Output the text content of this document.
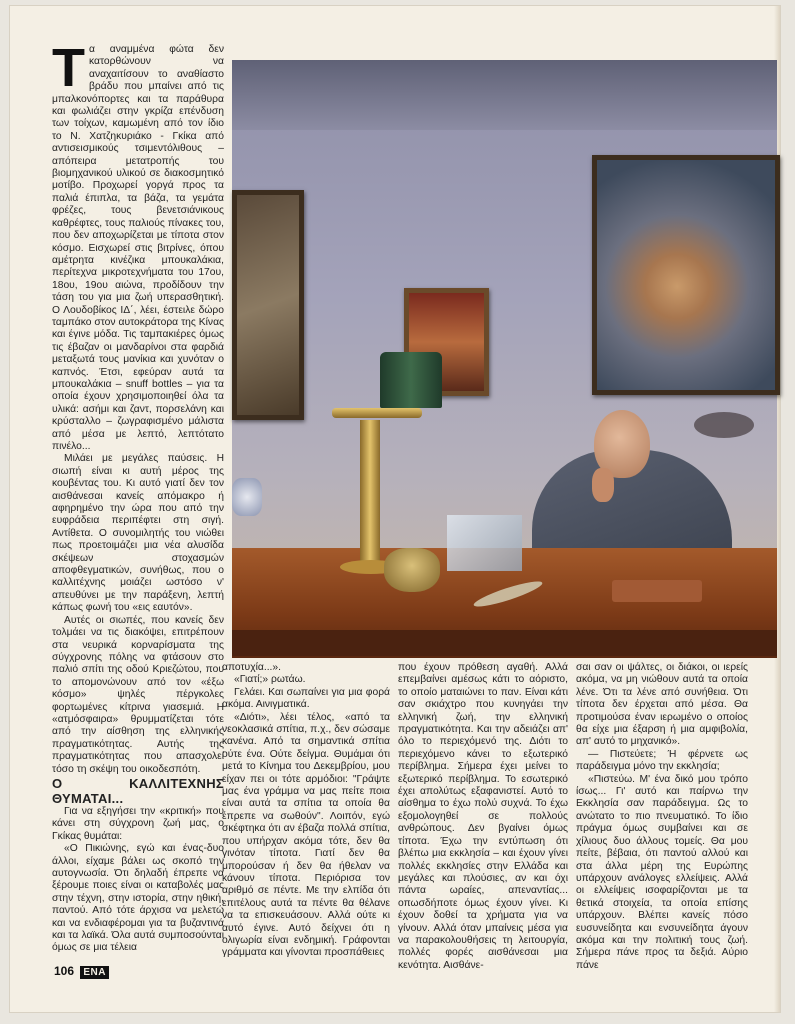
Τ α αναμμένα φώτα δεν κατορθώνουν να αναχαιτίσουν το αναθίαστο βράδυ που μπαίνει από τις μπαλκονόπορτες και τα παράθυρα και φωλιάζει στην γκρίζα επένδυση των τοίχων, καμωμένη από τον ίδιο το Ν. Χατζηκυριάκο - Γκίκα από αντισεισμικούς τσιμεντόλιθους – απόπειρα μετατροπής του βιομηχανικού υλικού σε διακοσμητικό μοτίβο. Προχωρεί γοργά προς τα παλιά έπιπλα, τα βάζα, τα γεμάτα φρέζες, τους βενετσιάνικους καθρέφτες, τους παλιούς πίνακες του, που δεν αποχωρίζεται με τίποτα στον κόσμο. Εισχωρεί στις βιτρίνες, όπου αμέτρητα κινέζικα μπουκαλάκια, περίτεχνα μικροτεχνήματα του 17ου, 18ου, 19ου αιώνα, προδίδουν την τάση του για μια ζωή υπερασθητική. Ο Λουδοβίκος ΙΔ΄, λέει, έστειλε δώρο ταμπάκο στον αυτοκράτορα της Κίνας και έγινε μόδα. Τις ταμπακιέρες όμως τις έβαζαν οι μανδαρίνοι στα φαρδιά μεταξωτά τους μανίκια και χυνόταν ο καπνός. Έτσι, εφεύραν αυτά τα μπουκαλάκια – snuff bottles – για τα οποία έχουν χρησιμοποιηθεί όλα τα υλικά: ασήμι και ζαντ, πορσελάνη και κρύσταλλο – ζωγραφισμένο μάλιστα από μέσα με λεπτό, λεπτότατο πινέλο...

Μιλάει με μεγάλες παύσεις. Η σιωπή είναι κι αυτή μέρος της κουβέντας του. Κι αυτό γιατί δεν τον αισθάνεσαι κανείς απόμακρο ή αφηρημένο την ώρα που από την ευφράδεια περιπέφτει στη σιγή. Αντίθετα. Ο συνομιλητής του νιώθει πως προετοιμάζει μια νέα αλυσίδα σκέψεων στοχασμών αποφθεγματικών, συνήθως, που ο καλλιτέχνης μοιάζει ωστόσο ν' απευθύνει με την παράξενη, λεπτή κάπως φωνή του «εις εαυτόν».

Αυτές οι σιωπές, που κανείς δεν τολμάει να τις διακόψει, επιτρέπουν στα νευρικά κορναρίσματα της σύγχρονης πόλης να φτάσουν στο παλιό σπίτι της οδού Κριεζώτου, που το απομονώνουν από τον «έξω κόσμο» ψηλές πέργκολες φορτωμένες κίτρινα γιασεμιά. Η «ατμόσφαιρα» θρυμματίζεται τότε από την αίσθηση της ελληνικής πραγματικότητας. Αυτής της πραγματικότητας που απασχολεί τόσο τη σκέψη του οικοδεσπότη.

Ο ΚΑΛΛΙΤΕΧΝΗΣ ΘΥΜΑΤΑΙ...

Για να εξηγήσει την «κριτική» που κάνει στη σύγχρονη ζωή μας, ο Γκίκας θυμάται:

«Ο Πικιώνης, εγώ και ένας-δυο άλλοι, είχαμε βάλει ως σκοπό την αυτογνωσία. Ότι δηλαδή έπρεπε να ξέρουμε ποιες είναι οι καταβολές μας στην τέχνη, στην ιστορία, στην ηθική, παντού. Από τότε άρχισα να μελετώ και να ενδιαφέρομαι για τα βυζαντινά και τα λαϊκά. Όλα αυτά συμποσούνται όμως σε μια τέλεια

αποτυχία...».

«Γιατί;» ρωτάω.

Γελάει. Και σωπαίνει για μια φορά ακόμα. Αινιγματικά.

«Διότι», λέει τέλος, «από τα νεοκλασικά σπίτια, π.χ., δεν σώσαμε κανένα. Από τα σημαντικά σπίτια ούτε ένα. Ούτε δείγμα. Θυμάμαι ότι μετά το Κίνημα του Δεκεμβρίου, μου είχαν πει οι τότε αρμόδιοι: "Γράψτε μας ένα γράμμα να μας πείτε ποια είναι αυτά τα σπίτια τα οποία θα έπρεπε να σωθούν". Λοιπόν, εγώ σκέφτηκα ότι αν έβαζα πολλά σπίτια, που υπήρχαν ακόμα τότε, δεν θα γινόταν τίποτα. Γιατί δεν θα μπορούσαν ή δεν θα ήθελαν να κάνουν τίποτα. Περιόρισα τον αριθμό σε πέντε. Με την ελπίδα ότι επιτέλους αυτά τα πέντε θα θέλανε να τα επισκευάσουν. Αλλά ούτε κι αυτό έγινε. Αυτό δείχνει ότι η ολιγωρία είναι ενδημική. Γράφονται γράμματα και γίνονται προσπάθειες

που έχουν πρόθεση αγαθή. Αλλά επεμβαίνει αμέσως κάτι το αόριστο, το οποίο ματαιώνει το παν. Είναι κάτι σαν σκιάχτρο που κυνηγάει την ελληνική ζωή, την ελληνική πραγματικότητα. Και την αδειάζει απ' όλο το περιεχόμενό της. Διότι το περιεχόμενο κάνει το εξωτερικό περίβλημα. Σήμερα έχει μείνει το εξωτερικό περίβλημα. Το εσωτερικό έχει απολύτως εξαφανιστεί. Αυτό το αίσθημα το έχω πολύ συχνά. Το έχω εξομολογηθεί σε πολλούς ανθρώπους. Δεν βγαίνει όμως τίποτα. Έχω την εντύπωση ότι βλέπω μια εκκλησία – και έχουν γίνει πολλές εκκλησίες στην Ελλάδα και μεγάλες και πλούσιες, αν και όχι πάντα ωραίες, απεναντίας... οπωσδήποτε όμως έχουν γίνει. Κι έχουν δοθεί τα χρήματα για να γίνουν. Αλλά όταν μπαίνεις μέσα για να παρακολουθήσεις τη λειτουργία, πολλές φορές αισθάνεσαι μια κενότητα. Αισθάνε-

σαι σαν οι ψάλτες, οι διάκοι, οι ιερείς ακόμα, να μη νιώθουν αυτά τα οποία λένε. Ότι τα λένε από συνήθεια. Ότι τίποτα δεν έρχεται από μέσα. Θα προτιμούσα έναν ιερωμένο ο οποίος θα είχε μια έξαρση ή μια αμφιβολία, απ' αυτό το μηχανικό».

— Πιστεύετε; Ή φέρνετε ως παράδειγμα μόνο την εκκλησία;

«Πιστεύω. Μ' ένα δικό μου τρόπο ίσως... Γι' αυτό και παίρνω την Εκκλησία σαν παράδειγμα. Ως το ανώτατο το πιο πνευματικό. Το ίδιο πράγμα όμως συμβαίνει και σε χίλιους δυο άλλους τομείς. Θα μου πείτε, βέβαια, ότι παντού αλλού και στα άλλα μέρη της Ευρώπης υπάρχουν ανάλογες ελλείψεις. Αλλά οι ελλείψεις ισοφαρίζονται με τα θετικά στοιχεία, τα οποία επίσης υπάρχουν. Βλέπει κανείς πόσο ευσυνείδητα και ενσυνείδητα άγουν ακόμα και την πολιτική τους ζωή. Σήμερα πάνε προς τα δεξιά. Αύριο πάνε

106 ΕΝΑ
